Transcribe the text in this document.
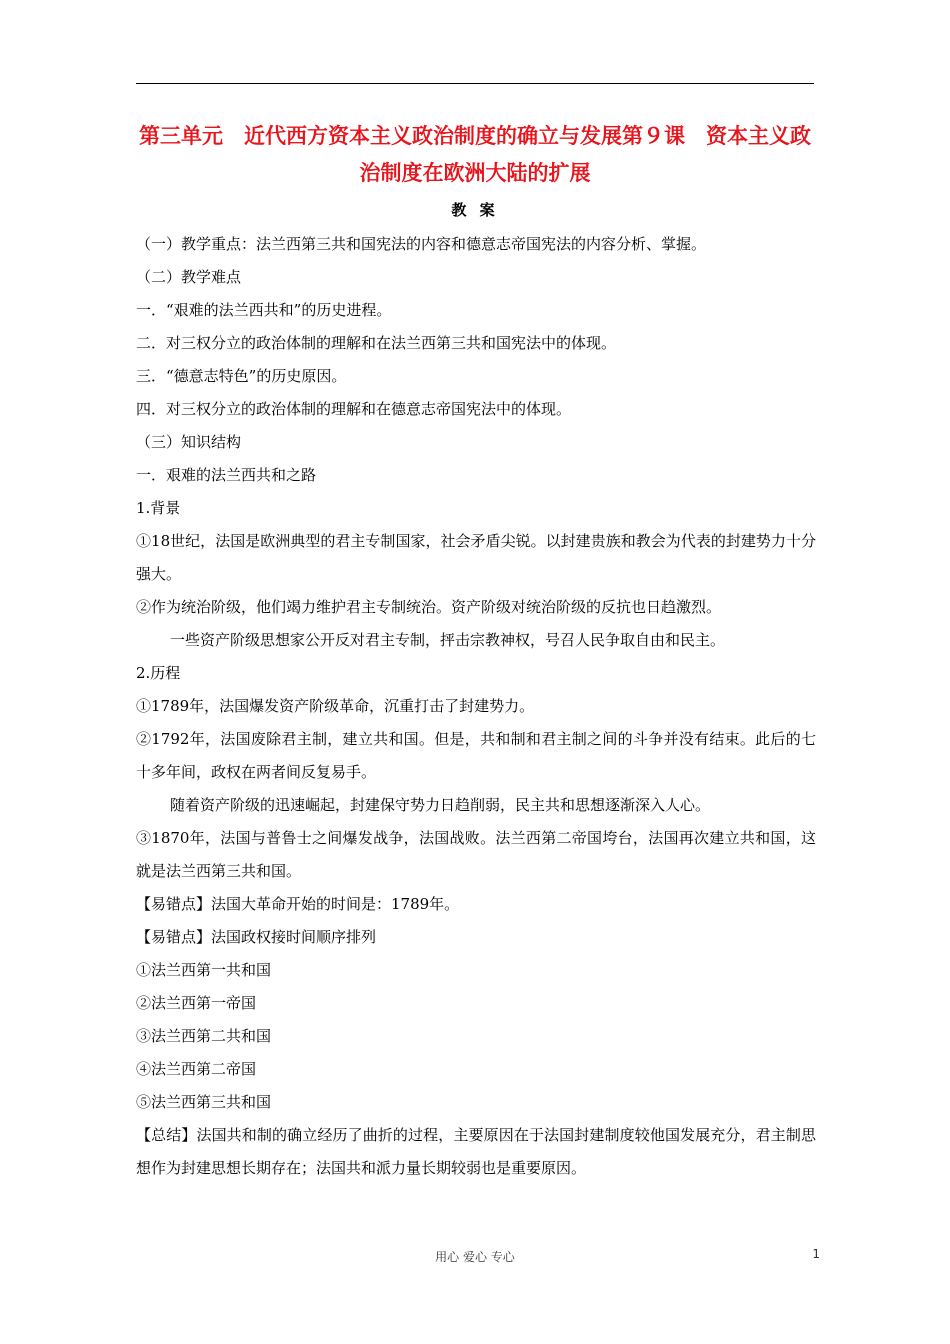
第三单元　近代西方资本主义政治制度的确立与发展第９课　资本主义政治制度在欧洲大陆的扩展
教 案
（一）教学重点：法兰西第三共和国宪法的内容和德意志帝国宪法的内容分析、掌握。
（二）教学难点
一．“艰难的法兰西共和”的历史进程。
二．对三权分立的政治体制的理解和在法兰西第三共和国宪法中的体现。
三．“德意志特色”的历史原因。
四．对三权分立的政治体制的理解和在德意志帝国宪法中的体现。
（三）知识结构
一．艰难的法兰西共和之路
1.背景
①18世纪，法国是欧洲典型的君主专制国家，社会矛盾尖锐。以封建贵族和教会为代表的封建势力十分强大。
②作为统治阶级，他们竭力维护君主专制统治。资产阶级对统治阶级的反抗也日趋激烈。
一些资产阶级思想家公开反对君主专制，抨击宗教神权，号召人民争取自由和民主。
2.历程
①1789年，法国爆发资产阶级革命，沉重打击了封建势力。
②1792年，法国废除君主制，建立共和国。但是，共和制和君主制之间的斗争并没有结束。此后的七十多年间，政权在两者间反复易手。
随着资产阶级的迅速崛起，封建保守势力日趋削弱，民主共和思想逐渐深入人心。
③1870年，法国与普鲁士之间爆发战争，法国战败。法兰西第二帝国垮台，法国再次建立共和国，这就是法兰西第三共和国。
【易错点】法国大革命开始的时间是：1789年。
【易错点】法国政权接时间顺序排列
①法兰西第一共和国
②法兰西第一帝国
③法兰西第二共和国
④法兰西第二帝国
⑤法兰西第三共和国
【总结】法国共和制的确立经历了曲折的过程，主要原因在于法国封建制度较他国发展充分，君主制思想作为封建思想长期存在；法国共和派力量长期较弱也是重要原因。
用心 爱心 专心	1
